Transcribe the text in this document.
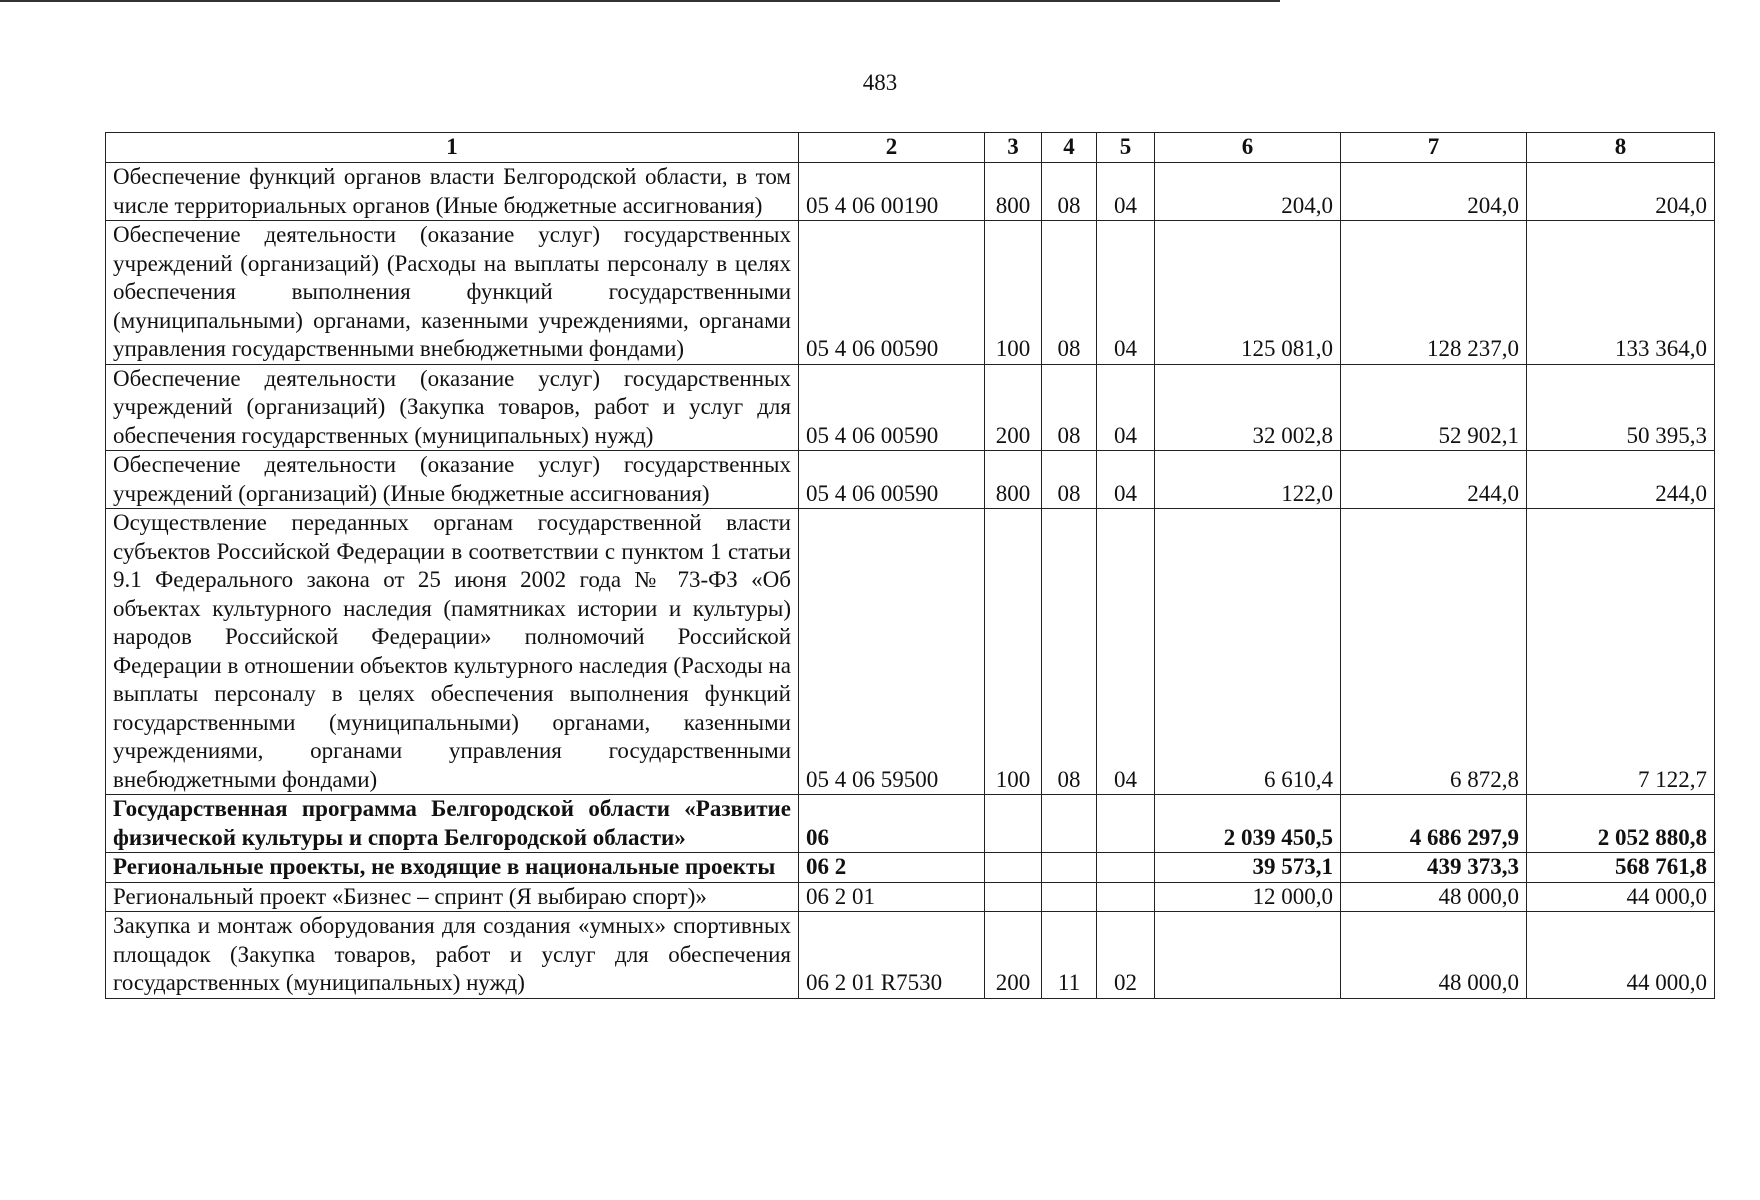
483
1	2	3	4	5	6	7	8
Обеспечение функций органов власти Белгородской области, в том числе территориальных органов (Иные бюджетные ассигнования)	05 4 06 00190	800	08	04	204,0	204,0	204,0
Обеспечение деятельности (оказание услуг) государственных учреждений (организаций) (Расходы на выплаты персоналу в целях обеспечения выполнения функций государственными (муниципальными) органами, казенными учреждениями, органами управления государственными внебюджетными фондами)	05 4 06 00590	100	08	04	125 081,0	128 237,0	133 364,0
Обеспечение деятельности (оказание услуг) государственных учреждений (организаций) (Закупка товаров, работ и услуг для обеспечения государственных (муниципальных) нужд)	05 4 06 00590	200	08	04	32 002,8	52 902,1	50 395,3
Обеспечение деятельности (оказание услуг) государственных учреждений (организаций) (Иные бюджетные ассигнования)	05 4 06 00590	800	08	04	122,0	244,0	244,0
Осуществление переданных органам государственной власти субъектов Российской Федерации в соответствии с пунктом 1 статьи 9.1 Федерального закона от 25 июня 2002 года № 73-ФЗ «Об объектах культурного наследия (памятниках истории и культуры) народов Российской Федерации» полномочий Российской Федерации в отношении объектов культурного наследия (Расходы на выплаты персоналу в целях обеспечения выполнения функций государственными (муниципальными) органами, казенными учреждениями, органами управления государственными внебюджетными фондами)	05 4 06 59500	100	08	04	6 610,4	6 872,8	7 122,7
Государственная программа Белгородской области «Развитие физической культуры и спорта Белгородской области»	06				2 039 450,5	4 686 297,9	2 052 880,8
Региональные проекты, не входящие в национальные проекты	06 2				39 573,1	439 373,3	568 761,8
Региональный проект «Бизнес – спринт (Я выбираю спорт)»	06 2 01				12 000,0	48 000,0	44 000,0
Закупка и монтаж оборудования для создания «умных» спортивных площадок (Закупка товаров, работ и услуг для обеспечения государственных (муниципальных) нужд)	06 2 01 R7530	200	11	02		48 000,0	44 000,0
